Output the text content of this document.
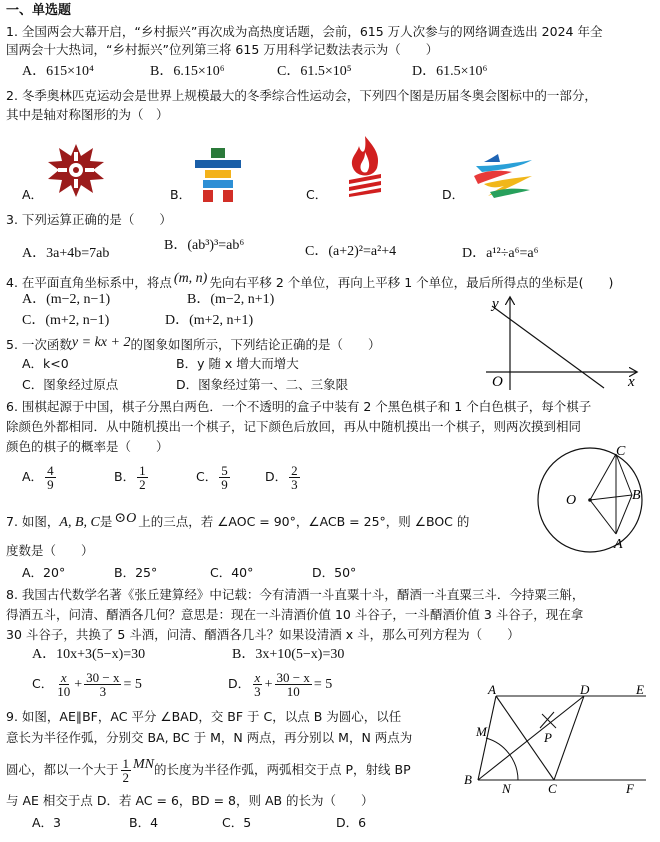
一、单选题
1. 全国两会大幕开启，“乡村振兴”再次成为高热度话题，会前，615 万人次参与的网络调查选出 2024 年全
国两会十大热词，“乡村振兴”位列第三将 615 万用科学记数法表示为（　　）
A．615×10⁴	B．6.15×10⁶	C．61.5×10⁵	D．61.5×10⁶
2. 冬季奥林匹克运动会是世界上规模最大的冬季综合性运动会，下列四个图是历届冬奥会图标中的一部分，
其中是轴对称图形的为（　）
A．	B．	C．	D．
3. 下列运算正确的是（　　）
A．3a+4b=7ab
B．(ab³)³=ab⁶	C．(a+2)²=a²+4	D．a¹²÷a⁶=a⁶
4. 在平面直角坐标系中，将点 (m, n) 先向右平移 2 个单位，再向上平移 1 个单位，最后所得点的坐标是(　　)
A．(m−2, n−1)	B．(m−2, n+1)
C．(m+2, n−1)	D．(m+2, n+1)
5. 一次函数y = kx + 2的图象如图所示，下列结论正确的是（　　）
A．k<0	B．y 随 x 增大而增大
C．图象经过原点	D．图象经过第一、二、三象限
y
x
O
6. 围棋起源于中国，棋子分黑白两色．一个不透明的盒子中装有 2 个黑色棋子和 1 个白色棋子，每个棋子
除颜色外都相同．从中随机摸出一个棋子，记下颜色后放回，再从中随机摸出一个棋子，则两次摸到相同
颜色的棋子的概率是（　　）
A． $\frac{4}{9}$	B． $\frac{1}{2}$	C． $\frac{5}{9}$	D． $\frac{2}{3}$
O
C
B
A
7. 如图，A, B, C是 ⊙O 上的三点，若 ∠AOC = 90°，∠ACB = 25°，则 ∠BOC 的
度数是（　　）
A．20°	B．25°	C．40°	D．50°
8. 我国古代数学名著《张丘建算经》中记载：今有清酒一斗直粟十斗，醑酒一斗直粟三斗．今持粟三斛，
得酒五斗，问清、醑酒各几何？意思是：现在一斗清酒价值 10 斗谷子，一斗醑酒价值 3 斗谷子，现在拿
30 斗谷子，共换了 5 斗酒，问清、醑酒各几斗？如果设清酒 x 斗，那么可列方程为（　　）
A．10x+3(5−x)=30	B．3x+10(5−x)=30
C． $\frac{x}{10} + \frac{30 - x}{3} = 5$	D． $\frac{x}{3} + \frac{30 - x}{10} = 5$	A	D	E
M	P
B
N	C	F
9. 如图，AE∥BF，AC 平分 ∠BAD，交 BF 于 C，以点 B 为圆心，以任
意长为半径作弧，分别交 BA, BC 于 M，N 两点，再分别以 M，N 两点为
圆心，都以一个大于 $\frac{1}{2}$ MN的长度为半径作弧，两弧相交于点 P，射线 BP
与 AE 相交于点 D．若 AC = 6，BD = 8，则 AB 的长为（　　）
A．3	B．4	C．5	D．6
